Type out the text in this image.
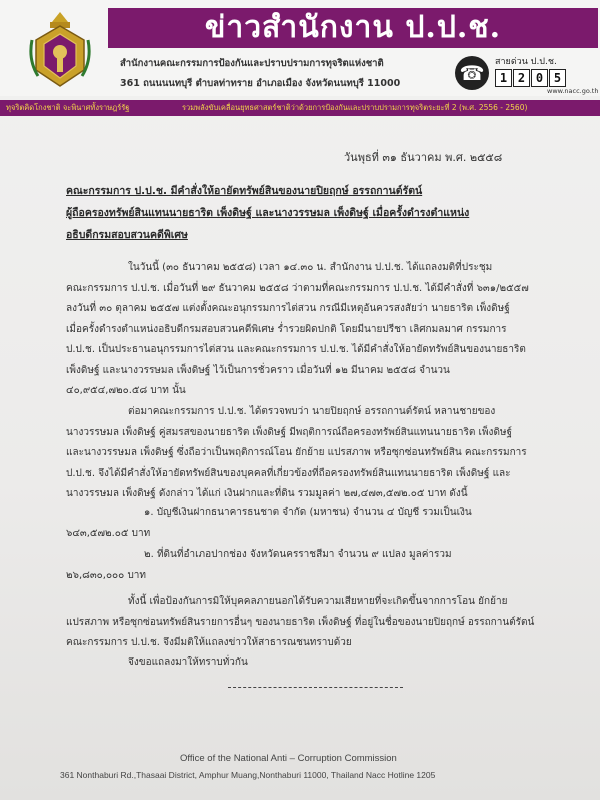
ข่าวสำนักงาน ป.ป.ช.
สำนักงานคณะกรรมการป้องกันและปราบปรามการทุจริตแห่งชาติ
361 ถนนนนทบุรี ตำบลท่าทราย อำเภอเมือง จังหวัดนนทบุรี 11000	☎	สายด่วน ป.ป.ช.
1 2 0 5
www.nacc.go.th
ทุจริตคิดโกงชาติ จะพินาศทั้งราษฎร์รัฐ	รวมพลังขับเคลื่อนยุทธศาสตร์ชาติว่าด้วยการป้องกันและปราบปรามการทุจริตระยะที่ 2 (พ.ศ. 2556 - 2560)
วันพุธที่ ๓๑ ธันวาคม พ.ศ. ๒๕๕๘
คณะกรรมการ ป.ป.ช. มีคำสั่งให้อายัดทรัพย์สินของนายปิยฤกษ์ อรรถกานต์รัตน์
ผู้ถือครองทรัพย์สินแทนนายธาริต เพ็งดิษฐ์ และนางวรรษมล เพ็งดิษฐ์ เมื่อครั้งดำรงตำแหน่ง
อธิบดีกรมสอบสวนคดีพิเศษ
ในวันนี้ (๓๐ ธันวาคม ๒๕๕๘) เวลา ๑๔.๓๐ น. สำนักงาน ป.ป.ช. ได้แถลงมติที่ประชุม
คณะกรรมการ ป.ป.ช. เมื่อวันที่ ๒๙ ธันวาคม ๒๕๕๘ ว่าตามที่คณะกรรมการ ป.ป.ช. ได้มีคำสั่งที่ ๖๓๑/๒๕๕๗
ลงวันที่ ๓๐ ตุลาคม ๒๕๕๗ แต่งตั้งคณะอนุกรรมการไต่สวน กรณีมีเหตุอันควรสงสัยว่า นายธาริต เพ็งดิษฐ์
เมื่อครั้งดำรงตำแหน่งอธิบดีกรมสอบสวนคดีพิเศษ ร่ำรวยผิดปกติ โดยมีนายปรีชา เลิศกมลมาศ กรรมการ
ป.ป.ช. เป็นประธานอนุกรรมการไต่สวน และคณะกรรมการ ป.ป.ช. ได้มีคำสั่งให้อายัดทรัพย์สินของนายธาริต
เพ็งดิษฐ์ และนางวรรษมล เพ็งดิษฐ์ ไว้เป็นการชั่วคราว เมื่อวันที่ ๑๒ มีนาคม ๒๕๕๘ จำนวน
๔๐,๙๕๔,๗๒๐.๕๘ บาท นั้น
ต่อมาคณะกรรมการ ป.ป.ช. ได้ตรวจพบว่า นายปิยฤกษ์ อรรถกานต์รัตน์ หลานชายของ
นางวรรษมล เพ็งดิษฐ์ คู่สมรสของนายธาริต เพ็งดิษฐ์ มีพฤติการณ์ถือครองทรัพย์สินแทนนายธาริต เพ็งดิษฐ์
และนางวรรษมล เพ็งดิษฐ์ ซึ่งถือว่าเป็นพฤติการณ์โอน ยักย้าย แปรสภาพ หรือซุกซ่อนทรัพย์สิน คณะกรรมการ
ป.ป.ช. จึงได้มีคำสั่งให้อายัดทรัพย์สินของบุคคลที่เกี่ยวข้องที่ถือครองทรัพย์สินแทนนายธาริต เพ็งดิษฐ์ และ
นางวรรษมล เพ็งดิษฐ์ ดังกล่าว ได้แก่ เงินฝากและที่ดิน รวมมูลค่า ๒๗,๔๗๓,๕๗๒.๐๕ บาท ดังนี้
๑. บัญชีเงินฝากธนาคารธนชาต จำกัด (มหาชน) จำนวน ๔ บัญชี รวมเป็นเงิน
๖๔๓,๕๗๒.๐๕ บาท
๒. ที่ดินที่อำเภอปากช่อง จังหวัดนครราชสีมา จำนวน ๙ แปลง มูลค่ารวม
๒๖,๘๓๐,๐๐๐ บาท
ทั้งนี้ เพื่อป้องกันการมิให้บุคคลภายนอกได้รับความเสียหายที่จะเกิดขึ้นจากการโอน ยักย้าย
แปรสภาพ หรือซุกซ่อนทรัพย์สินรายการอื่นๆ ของนายธาริต เพ็งดิษฐ์ ที่อยู่ในชื่อของนายปิยฤกษ์ อรรถกานต์รัตน์
คณะกรรมการ ป.ป.ช. จึงมีมติให้แถลงข่าวให้สาธารณชนทราบด้วย
จึงขอแถลงมาให้ทราบทั่วกัน
Office of the National Anti – Corruption Commission
361 Nonthaburi Rd.,Thasaai District, Amphur Muang,Nonthaburi 11000, Thailand Nacc Hotline 1205
